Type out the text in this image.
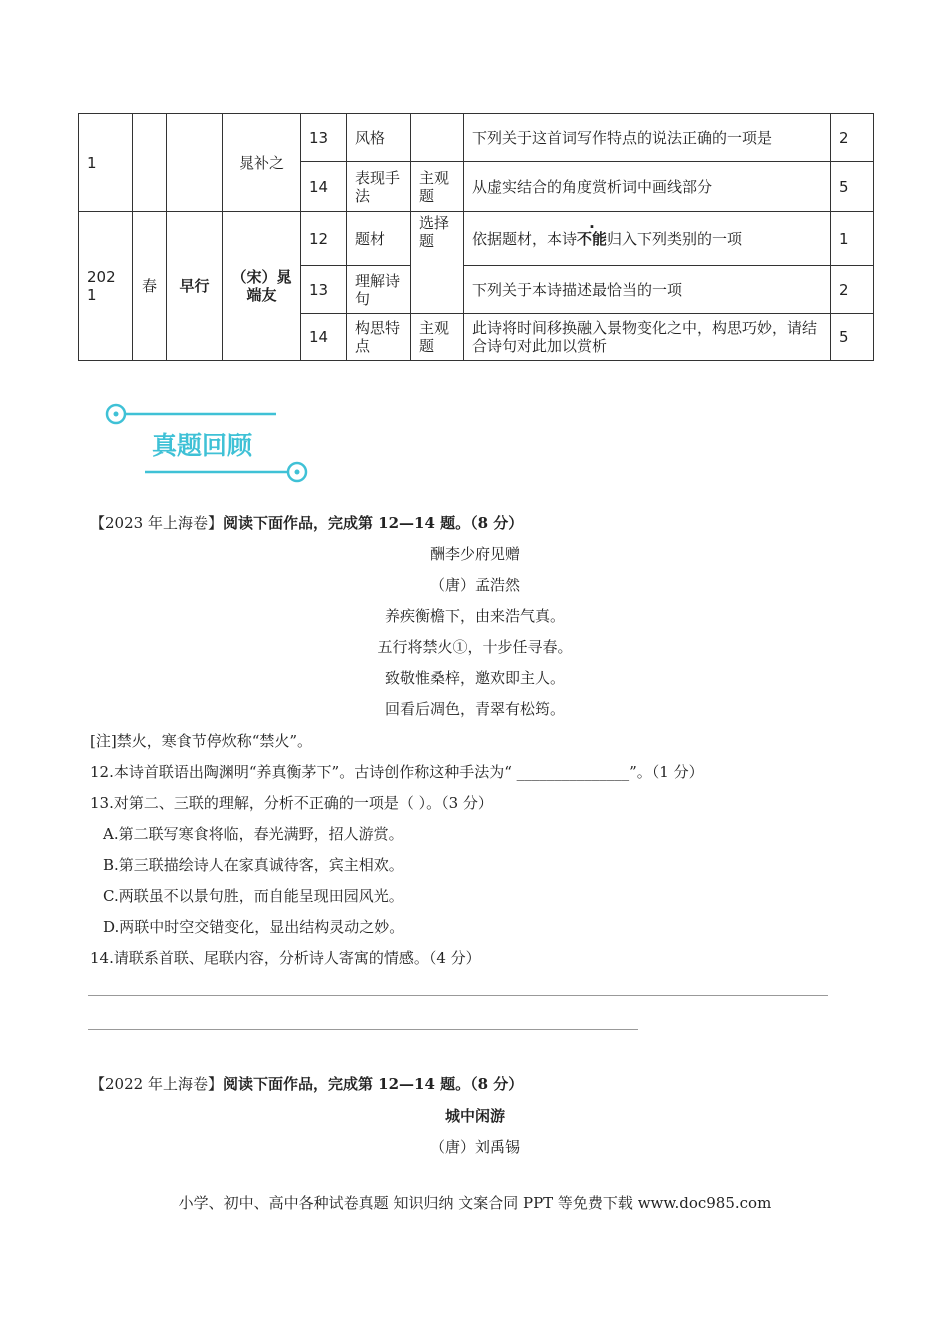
1			晁补之	13	风格		下列关于这首词写作特点的说法正确的一项是	2
				14	表现手法	主观题	从虚实结合的角度赏析词中画线部分	5
2021	春	早行	（宋）晁端友	12	题材	选择题	依据题材，本诗不能归入下列类别的一项	1
				13	理解诗句		下列关于本诗描述最恰当的一项	2
				14	构思特点	主观题	此诗将时间移换融入景物变化之中，构思巧妙，请结合诗句对此加以赏析	5
真题回顾
【2023 年上海卷】阅读下面作品，完成第 12—14 题。（8 分）
酬李少府见赠
（唐）孟浩然
养疾衡檐下，由来浩气真。
五行将禁火①，十步任寻春。
致敬惟桑梓，邀欢即主人。
回看后凋色，青翠有松筠。
[注]禁火，寒食节停炊称“禁火”。
12.本诗首联语出陶渊明“养真衡茅下”。古诗创作称这种手法为“ _______________”。（1 分）
13.对第二、三联的理解，分析不正确的一项是（ ）。（3 分）
A.第二联写寒食将临，春光满野，招人游赏。
B.第三联描绘诗人在家真诚待客，宾主相欢。
C.两联虽不以景句胜，而自能呈现田园风光。
D.两联中时空交错变化，显出结构灵动之妙。
14.请联系首联、尾联内容，分析诗人寄寓的情感。（4 分）
【2022 年上海卷】阅读下面作品，完成第 12—14 题。（8 分）
城中闲游
（唐）刘禹锡
小学、初中、高中各种试卷真题 知识归纳 文案合同 PPT 等免费下载 www.doc985.com
